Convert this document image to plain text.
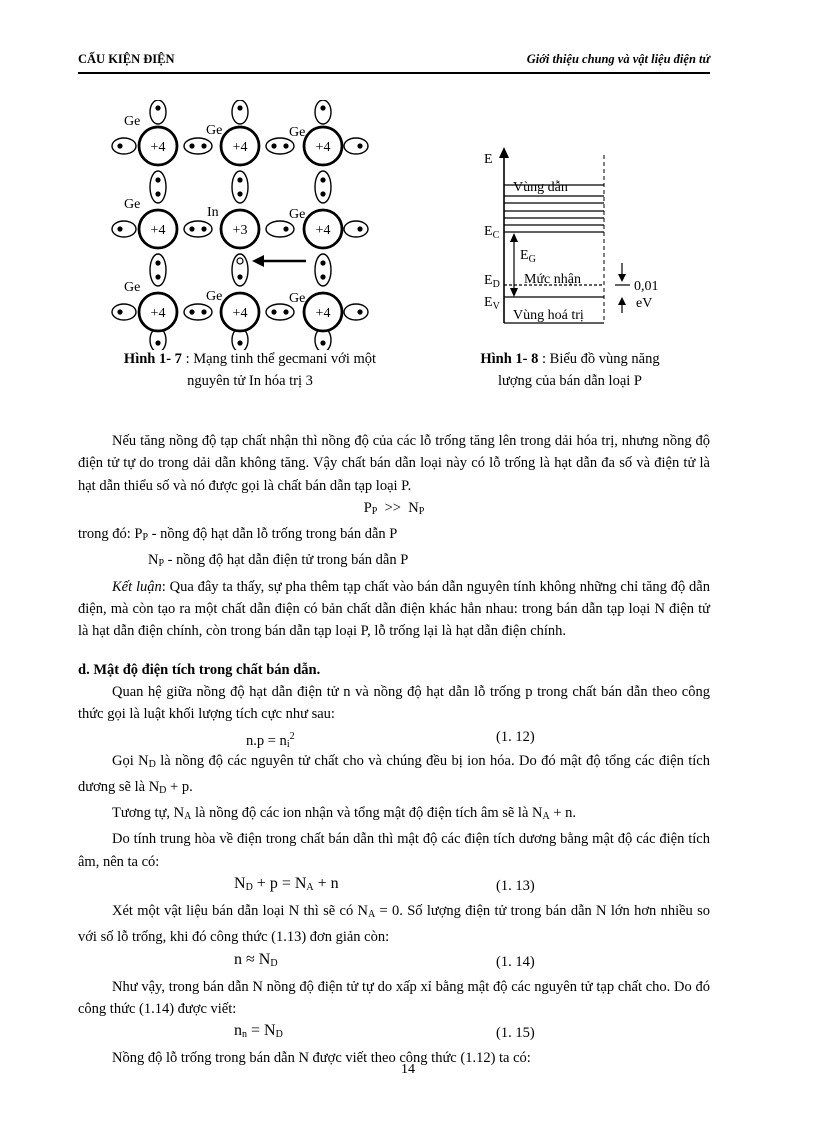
CẤU KIỆN ĐIỆN	Giới thiệu chung và vật liệu điện tử
+4	+4	+4
+4	+3	+4
+4	+4	+4
Ge
Ge	Ge
Ge
In	Ge
Ge
Ge	Ge
Hình 1- 7 : Mạng tinh thể gecmani với một
nguyên tử In hóa trị 3
E
Vùng dẫn
$E_C$
$E_G$
$E_D$ Mức nhận
$E_V$
Vùng hoá trị
0,01
eV
Hình 1- 8 : Biểu đồ vùng năng
lượng của bán dẫn loại P

Nếu tăng nồng độ tạp chất nhận thì nồng độ của các lỗ trống tăng lên trong dải hóa trị, nhưng nồng độ điện tử tự do trong dải dẫn không tăng. Vậy chất bán dẫn loại này có lỗ trống là hạt dẫn đa số và điện tử là hạt dẫn thiểu số và nó được gọi là chất bán dẫn tạp loại P.

$P_P >> N_P$

trong đó: $P_P$ - nồng độ hạt dẫn lỗ trống trong bán dẫn P

$N_P$ - nồng độ hạt dẫn điện tử trong bán dẫn P

Kết luận: Qua đây ta thấy, sự pha thêm tạp chất vào bán dẫn nguyên tính không những chỉ tăng độ dẫn điện, mà còn tạo ra một chất dẫn điện có bản chất dẫn điện khác hẳn nhau: trong bán dẫn tạp loại N điện tử là hạt dẫn điện chính, còn trong bán dẫn tạp loại P, lỗ trống lại là hạt dẫn điện chính.

d. Mật độ điện tích trong chất bán dẫn.

Quan hệ giữa nồng độ hạt dẫn điện tử n và nồng độ hạt dẫn lỗ trống p trong chất bán dẫn theo công thức gọi là luật khối lượng tích cực như sau:

$n.p = n_i^2$	(1. 12)

Gọi $N_D$ là nồng độ các nguyên tử chất cho và chúng đều bị ion hóa. Do đó mật độ tổng các điện tích dương sẽ là $N_D + p$.

Tương tự, $N_A$ là nồng độ các ion nhận và tổng mật độ điện tích âm sẽ là $N_A + n$.

Do tính trung hòa về điện trong chất bán dẫn thì mật độ các điện tích dương bằng mật độ các điện tích âm, nên ta có:

$N_D + p = N_A + n$	(1. 13)

Xét một vật liệu bán dẫn loại N thì sẽ có $N_A = 0$. Số lượng điện tử trong bán dẫn N lớn hơn nhiều so với số lỗ trống, khi đó công thức (1.13) đơn giản còn:

$n \approx N_D$	(1. 14)

Như vậy, trong bán dẫn N nồng độ điện tử tự do xấp xỉ bằng mật độ các nguyên tử tạp chất cho. Do đó công thức (1.14) được viết:

$n_n = N_D$	(1. 15)

Nồng độ lỗ trống trong bán dẫn N được viết theo công thức (1.12) ta có:

14
